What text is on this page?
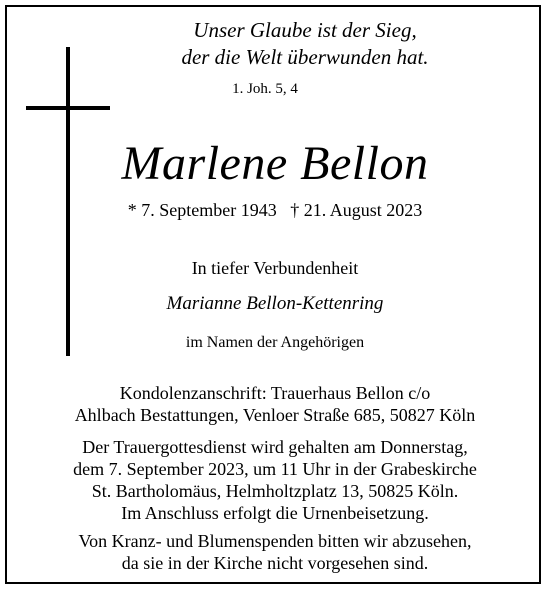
Unser Glaube ist der Sieg,
der die Welt überwunden hat.
1. Joh. 5, 4
Marlene Bellon
* 7. September 1943 † 21. August 2023
In tiefer Verbundenheit
Marianne Bellon-Kettenring
im Namen der Angehörigen
Kondolenzanschrift: Trauerhaus Bellon c/o
Ahlbach Bestattungen, Venloer Straße 685, 50827 Köln
Der Trauergottesdienst wird gehalten am Donnerstag,
dem 7. September 2023, um 11 Uhr in der Grabeskirche
St. Bartholomäus, Helmholtzplatz 13, 50825 Köln.
Im Anschluss erfolgt die Urnenbeisetzung.
Von Kranz- und Blumenspenden bitten wir abzusehen,
da sie in der Kirche nicht vorgesehen sind.
